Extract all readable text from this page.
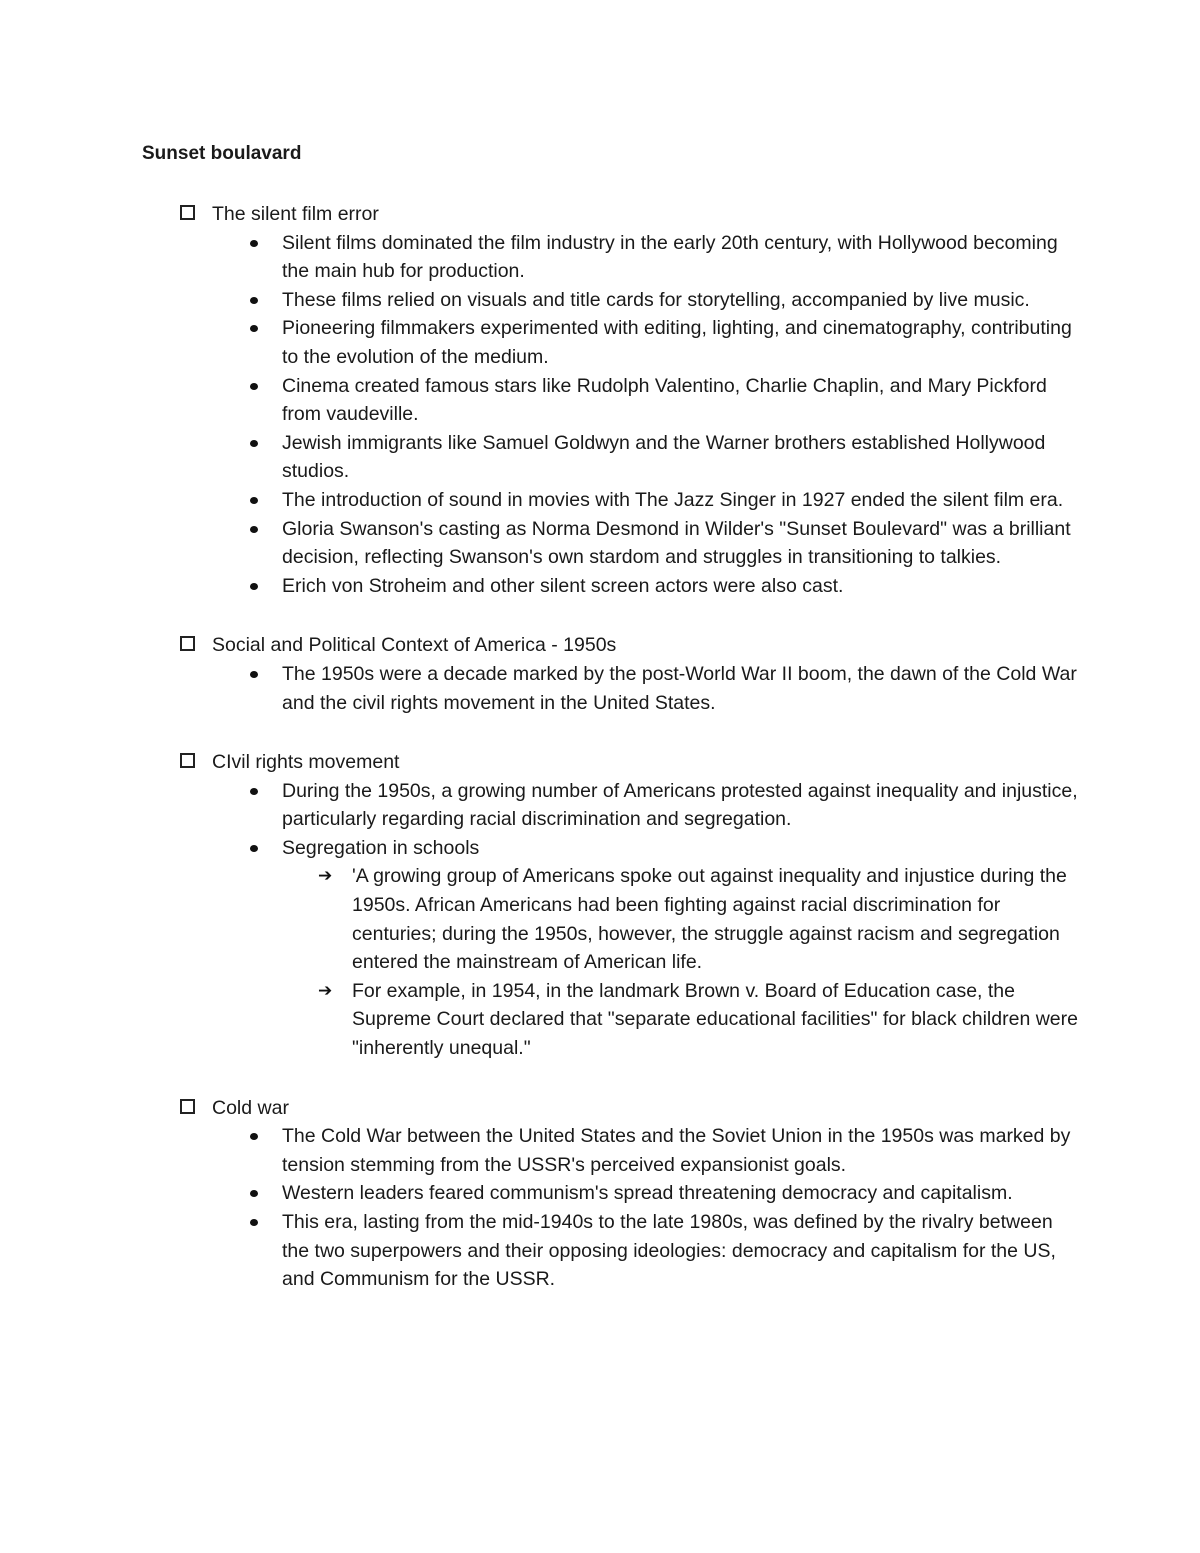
Sunset boulavard
The silent film error
Silent films dominated the film industry in the early 20th century, with Hollywood becoming the main hub for production.
These films relied on visuals and title cards for storytelling, accompanied by live music.
Pioneering filmmakers experimented with editing, lighting, and cinematography, contributing to the evolution of the medium.
Cinema created famous stars like Rudolph Valentino, Charlie Chaplin, and Mary Pickford from vaudeville.
Jewish immigrants like Samuel Goldwyn and the Warner brothers established Hollywood studios.
The introduction of sound in movies with The Jazz Singer in 1927 ended the silent film era.
Gloria Swanson's casting as Norma Desmond in Wilder's "Sunset Boulevard" was a brilliant decision, reflecting Swanson's own stardom and struggles in transitioning to talkies.
Erich von Stroheim and other silent screen actors were also cast.
Social and Political Context of America - 1950s
The 1950s were a decade marked by the post-World War II boom, the dawn of the Cold War and the civil rights movement in the United States.
CIvil rights movement
During the 1950s, a growing number of Americans protested against inequality and injustice, particularly regarding racial discrimination and segregation.
Segregation in schools
➔ 'A growing group of Americans spoke out against inequality and injustice during the 1950s. African Americans had been fighting against racial discrimination for centuries; during the 1950s, however, the struggle against racism and segregation entered the mainstream of American life.
➔ For example, in 1954, in the landmark Brown v. Board of Education case, the Supreme Court declared that "separate educational facilities" for black children were "inherently unequal."
Cold war
The Cold War between the United States and the Soviet Union in the 1950s was marked by tension stemming from the USSR's perceived expansionist goals.
Western leaders feared communism's spread threatening democracy and capitalism.
This era, lasting from the mid-1940s to the late 1980s, was defined by the rivalry between the two superpowers and their opposing ideologies: democracy and capitalism for the US, and Communism for the USSR.
